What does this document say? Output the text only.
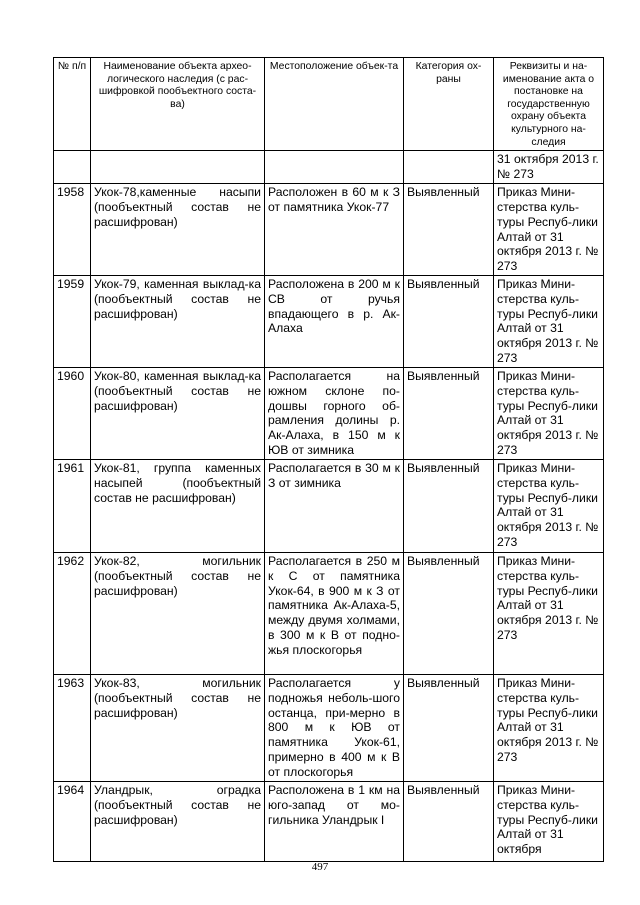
№ п/п	Наименование объекта архео-логического наследия (с рас-шифровкой пообъектного соста-ва)	Местоположение объек-та	Категория ох-раны	Реквизиты и на-именование акта о постановке на государственную охрану объекта культурного на-следия
				31 октября 2013 г. № 273
1958	Укок-78,каменные насыпи (пообъектный состав не расшифрован)	Расположен в 60 м к З от памятника Укок-77	Выявленный	Приказ Мини-стерства куль-туры Респуб-лики Алтай от 31 октября 2013 г. № 273
1959	Укок-79, каменная выклад-ка (пообъектный состав не расшифрован)	Расположена в 200 м к СВ от ручья впадающего в р. Ак-Алаха	Выявленный	Приказ Мини-стерства куль-туры Респуб-лики Алтай от 31 октября 2013 г. № 273
1960	Укок-80, каменная выклад-ка (пообъектный состав не расшифрован)	Располагается на южном склоне по-дошвы горного об-рамления долины р. Ак-Алаха, в 150 м к ЮВ от зимника	Выявленный	Приказ Мини-стерства куль-туры Респуб-лики Алтай от 31 октября 2013 г. № 273
1961	Укок-81, группа каменных насыпей (пообъектный состав не расшифрован)	Располагается в 30 м к З от зимника	Выявленный	Приказ Мини-стерства куль-туры Респуб-лики Алтай от 31 октября 2013 г. № 273
1962	Укок-82, могильник (пообъектный состав не расшифрован)	Располагается в 250 м к С от памятника Укок-64, в 900 м к З от памятника Ак-Алаха-5, между двумя холмами, в 300 м к В от подно-жья плоскогорья	Выявленный	Приказ Мини-стерства куль-туры Респуб-лики Алтай от 31 октября 2013 г. № 273
1963	Укок-83, могильник (пообъектный состав не расшифрован)	Располагается у подножья неболь-шого останца, при-мерно в 800 м к ЮВ от памятника Укок-61, примерно в 400 м к В от плоскогорья	Выявленный	Приказ Мини-стерства куль-туры Респуб-лики Алтай от 31 октября 2013 г. № 273
1964	Уландрык, оградка (пообъектный состав не расшифрован)	Расположена в 1 км на юго-запад от мо-гильника Уландрык I	Выявленный	Приказ Мини-стерства куль-туры Респуб-лики Алтай от 31 октября
497
